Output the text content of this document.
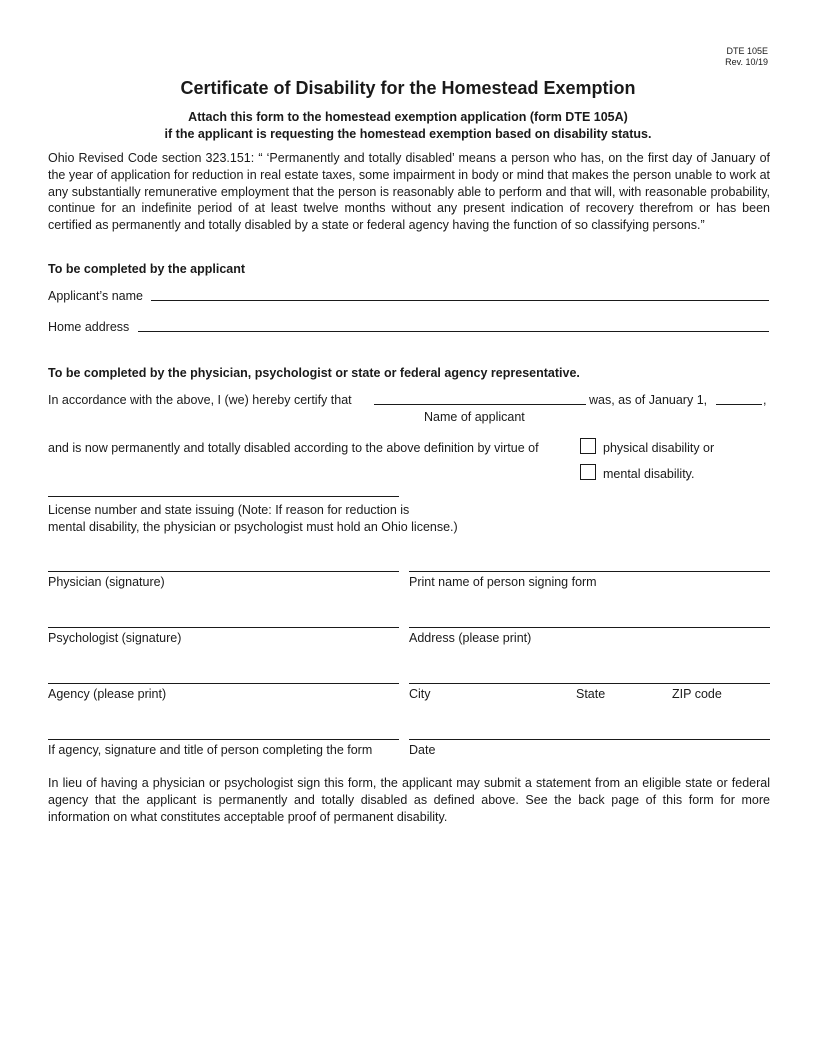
DTE 105E
Rev. 10/19
Certificate of Disability for the Homestead Exemption
Attach this form to the homestead exemption application (form DTE 105A)
if the applicant is requesting the homestead exemption based on disability status.
Ohio Revised Code section 323.151: “ ‘Permanently and totally disabled’ means a person who has, on the first day of January of the year of application for reduction in real estate taxes, some impairment in body or mind that makes the person unable to work at any substantially remunerative employment that the person is reasonably able to perform and that will, with reasonable probability, continue for an indefinite period of at least twelve months without any present indication of recovery therefrom or has been certified as permanently and totally disabled by a state or federal agency having the function of so classifying persons.”
To be completed by the applicant
Applicant’s name
Home address
To be completed by the physician, psychologist or state or federal agency representative.
In accordance with the above, I (we) hereby certify that	was, as of January 1,	,
Name of applicant
and is now permanently and totally disabled according to the above definition by virtue of	physical disability or
mental disability.
License number and state issuing (Note: If reason for reduction is
mental disability, the physician or psychologist must hold an Ohio license.)
Physician (signature)	Print name of person signing form
Psychologist (signature)	Address (please print)
Agency (please print)	City	State	ZIP code
If agency, signature and title of person completing the form	Date
In lieu of having a physician or psychologist sign this form, the applicant may submit a statement from an eligible state or federal agency that the applicant is permanently and totally disabled as defined above. See the back page of this form for more information on what constitutes acceptable proof of permanent disability.
